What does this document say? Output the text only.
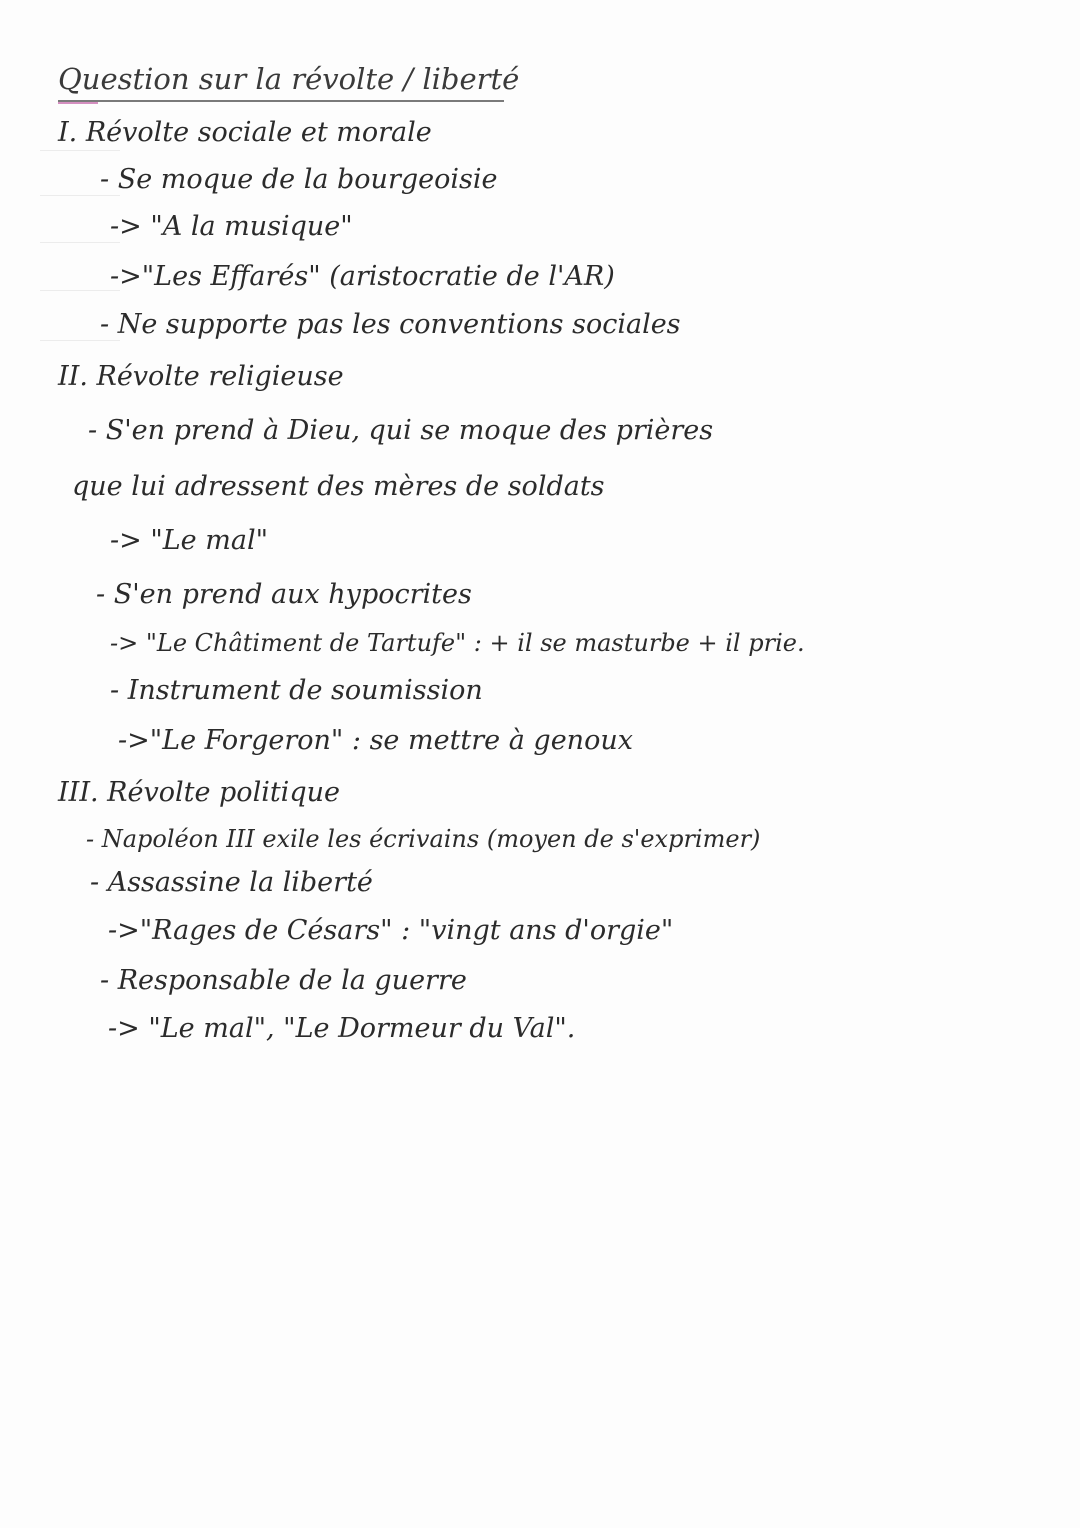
Question sur la révolte / liberté
I. Révolte sociale et morale
- Se moque de la bourgeoisie
-> "A la musique"
->"Les Effarés" (aristocratie de l'AR)
- Ne supporte pas les conventions sociales
II. Révolte religieuse
- S'en prend à Dieu, qui se moque des prières
que lui adressent des mères de soldats
-> "Le mal"
- S'en prend aux hypocrites
-> "Le Châtiment de Tartufe" : + il se masturbe + il prie.
- Instrument de soumission
->"Le Forgeron" : se mettre à genoux
III. Révolte politique
- Napoléon III exile les écrivains (moyen de s'exprimer)
- Assassine la liberté
->"Rages de Césars" : "vingt ans d'orgie"
- Responsable de la guerre
-> "Le mal", "Le Dormeur du Val".
